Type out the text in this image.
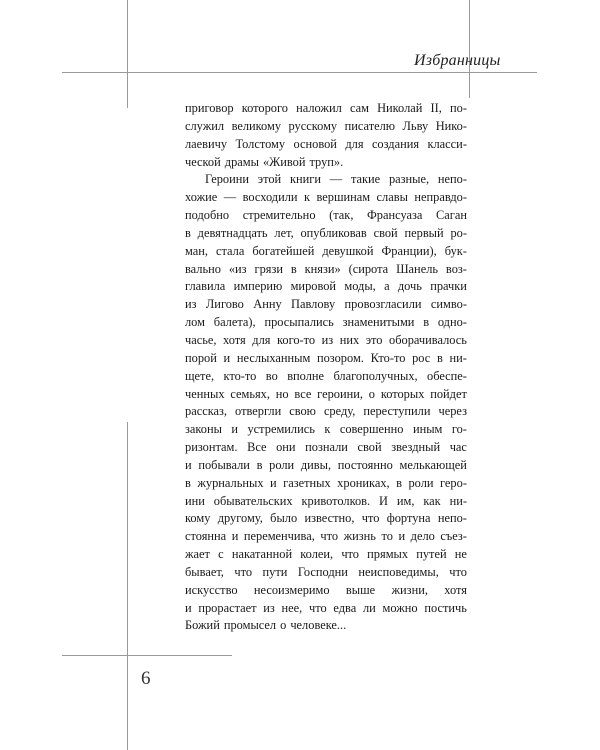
Избранницы
приговор которого наложил сам Николай II, по-
служил великому русскому писателю Льву Нико-
лаевичу Толстому основой для создания класси-
ческой драмы «Живой труп».
Героини этой книги — такие разные, непо-
хожие — восходили к вершинам славы неправдо-
подобно стремительно (так, Франсуаза Саган
в девятнадцать лет, опубликовав свой первый ро-
ман, стала богатейшей девушкой Франции), бук-
вально «из грязи в князи» (сирота Шанель воз-
главила империю мировой моды, а дочь прачки
из Лигово Анну Павлову провозгласили симво-
лом балета), просыпались знаменитыми в одно-
часье, хотя для кого-то из них это оборачивалось
порой и неслыханным позором. Кто-то рос в ни-
щете, кто-то во вполне благополучных, обеспе-
ченных семьях, но все героини, о которых пойдет
рассказ, отвергли свою среду, переступили через
законы и устремились к совершенно иным го-
ризонтам. Все они познали свой звездный час
и побывали в роли дивы, постоянно мелькающей
в журнальных и газетных хрониках, в роли геро-
ини обывательских кривотолков. И им, как ни-
кому другому, было известно, что фортуна непо-
стоянна и переменчива, что жизнь то и дело съез-
жает с накатанной колеи, что прямых путей не
бывает, что пути Господни неисповедимы, что
искусство несоизмеримо выше жизни, хотя
и прорастает из нее, что едва ли можно постичь
Божий промысел о человеке...
6
